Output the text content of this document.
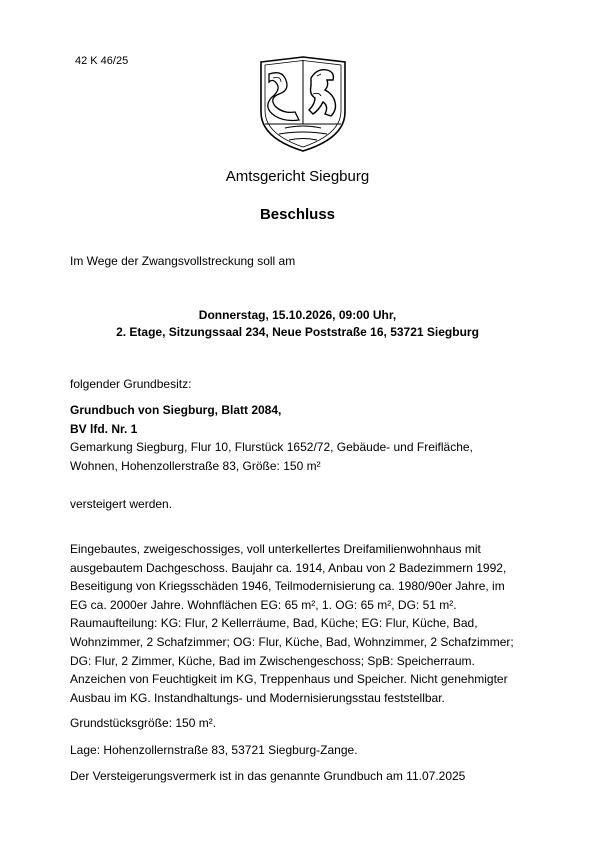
42 K 46/25
Amtsgericht Siegburg
Beschluss
Im Wege der Zwangsvollstreckung soll am
Donnerstag, 15.10.2026, 09:00 Uhr,
2. Etage, Sitzungssaal 234, Neue Poststraße 16, 53721 Siegburg
folgender Grundbesitz:
Grundbuch von Siegburg, Blatt 2084,
BV lfd. Nr. 1
Gemarkung Siegburg, Flur 10, Flurstück 1652/72, Gebäude- und Freifläche,
Wohnen, Hohenzollerstraße 83, Größe: 150 m²
versteigert werden.
Eingebautes, zweigeschossiges, voll unterkellertes Dreifamilienwohnhaus mit
ausgebautem Dachgeschoss. Baujahr ca. 1914, Anbau von 2 Badezimmern 1992,
Beseitigung von Kriegsschäden 1946, Teilmodernisierung ca. 1980/90er Jahre, im
EG ca. 2000er Jahre. Wohnflächen EG: 65 m², 1. OG: 65 m², DG: 51 m².
Raumaufteilung: KG: Flur, 2 Kellerräume, Bad, Küche; EG: Flur, Küche, Bad,
Wohnzimmer, 2 Schafzimmer; OG: Flur, Küche, Bad, Wohnzimmer, 2 Schafzimmer;
DG: Flur, 2 Zimmer, Küche, Bad im Zwischengeschoss; SpB: Speicherraum.
Anzeichen von Feuchtigkeit im KG, Treppenhaus und Speicher. Nicht genehmigter
Ausbau im KG. Instandhaltungs- und Modernisierungsstau feststellbar.
Grundstücksgröße: 150 m².
Lage: Hohenzollernstraße 83, 53721 Siegburg-Zange.
Der Versteigerungsvermerk ist in das genannte Grundbuch am 11.07.2025
